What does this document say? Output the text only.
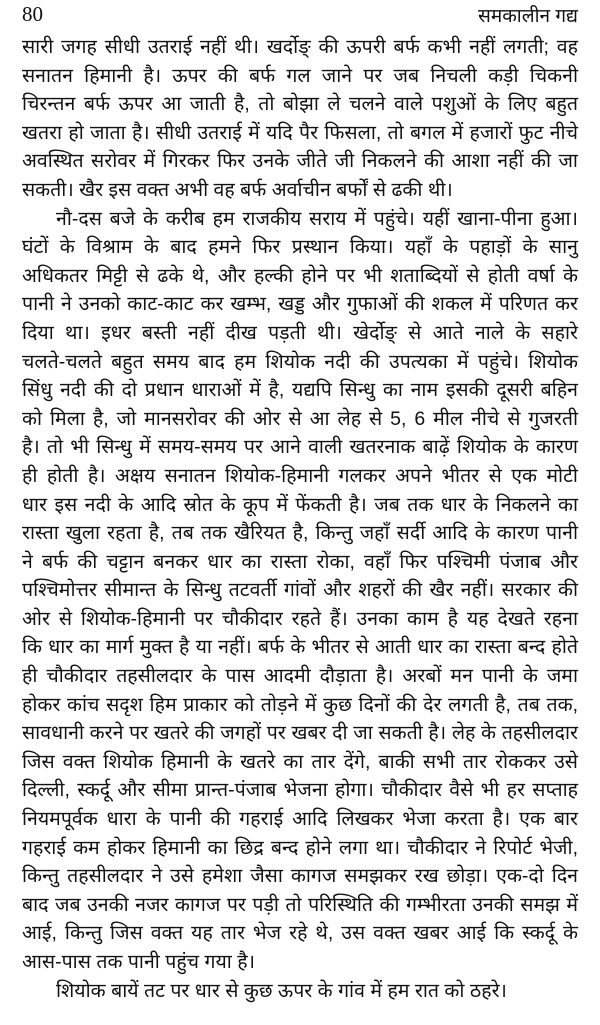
80	समकालीन गद्य
सारी जगह सीधी उतराई नहीं थी। खर्दोङ् की ऊपरी बर्फ कभी नहीं लगती; वह
सनातन हिमानी है। ऊपर की बर्फ गल जाने पर जब निचली कड़ी चिकनी
चिरन्तन बर्फ ऊपर आ जाती है, तो बोझा ले चलने वाले पशुओं के लिए बहुत
खतरा हो जाता है। सीधी उतराई में यदि पैर फिसला, तो बगल में हजारों फुट नीचे
अवस्थित सरोवर में गिरकर फिर उनके जीते जी निकलने की आशा नहीं की जा
सकती। खैर इस वक्त अभी वह बर्फ अर्वाचीन बर्फों से ढकी थी।
नौ-दस बजे के करीब हम राजकीय सराय में पहुंचे। यहीं खाना-पीना हुआ।
घंटों के विश्राम के बाद हमने फिर प्रस्थान किया। यहाँ के पहाड़ों के सानु
अधिकतर मिट्टी से ढके थे, और हल्की होने पर भी शताब्दियों से होती वर्षा के
पानी ने उनको काट-काट कर खम्भ, खड्ड और गुफाओं की शकल में परिणत कर
दिया था। इधर बस्ती नहीं दीख पड़ती थी। खेर्दोङ् से आते नाले के सहारे
चलते-चलते बहुत समय बाद हम शियोक नदी की उपत्यका में पहुंचे। शियोक
सिंधु नदी की दो प्रधान धाराओं में है, यद्यपि सिन्धु का नाम इसकी दूसरी बहिन
को मिला है, जो मानसरोवर की ओर से आ लेह से 5, 6 मील नीचे से गुजरती
है। तो भी सिन्धु में समय-समय पर आने वाली खतरनाक बाढ़ें शियोक के कारण
ही होती है। अक्षय सनातन शियोक-हिमानी गलकर अपने भीतर से एक मोटी
धार इस नदी के आदि स्रोत के कूप में फेंकती है। जब तक धार के निकलने का
रास्ता खुला रहता है, तब तक खैरियत है, किन्तु जहाँ सर्दी आदि के कारण पानी
ने बर्फ की चट्टान बनकर धार का रास्ता रोका, वहाँ फिर पश्चिमी पंजाब और
पश्चिमोत्तर सीमान्त के सिन्धु तटवर्ती गांवों और शहरों की खैर नहीं। सरकार की
ओर से शियोक-हिमानी पर चौकीदार रहते हैं। उनका काम है यह देखते रहना
कि धार का मार्ग मुक्त है या नहीं। बर्फ के भीतर से आती धार का रास्ता बन्द होते
ही चौकीदार तहसीलदार के पास आदमी दौड़ाता है। अरबों मन पानी के जमा
होकर कांच सदृश हिम प्राकार को तोड़ने में कुछ दिनों की देर लगती है, तब तक,
सावधानी करने पर खतरे की जगहों पर खबर दी जा सकती है। लेह के तहसीलदार
जिस वक्त शियोक हिमानी के खतरे का तार देंगे, बाकी सभी तार रोककर उसे
दिल्ली, स्कर्दू और सीमा प्रान्त-पंजाब भेजना होगा। चौकीदार वैसे भी हर सप्ताह
नियमपूर्वक धारा के पानी की गहराई आदि लिखकर भेजा करता है। एक बार
गहराई कम होकर हिमानी का छिद्र बन्द होने लगा था। चौकीदार ने रिपोर्ट भेजी,
किन्तु तहसीलदार ने उसे हमेशा जैसा कागज समझकर रख छोड़ा। एक-दो दिन
बाद जब उनकी नजर कागज पर पड़ी तो परिस्थिति की गम्भीरता उनकी समझ में
आई, किन्तु जिस वक्त यह तार भेज रहे थे, उस वक्त खबर आई कि स्कर्दू के
आस-पास तक पानी पहुंच गया है।
शियोक बायें तट पर धार से कुछ ऊपर के गांव में हम रात को ठहरे।
